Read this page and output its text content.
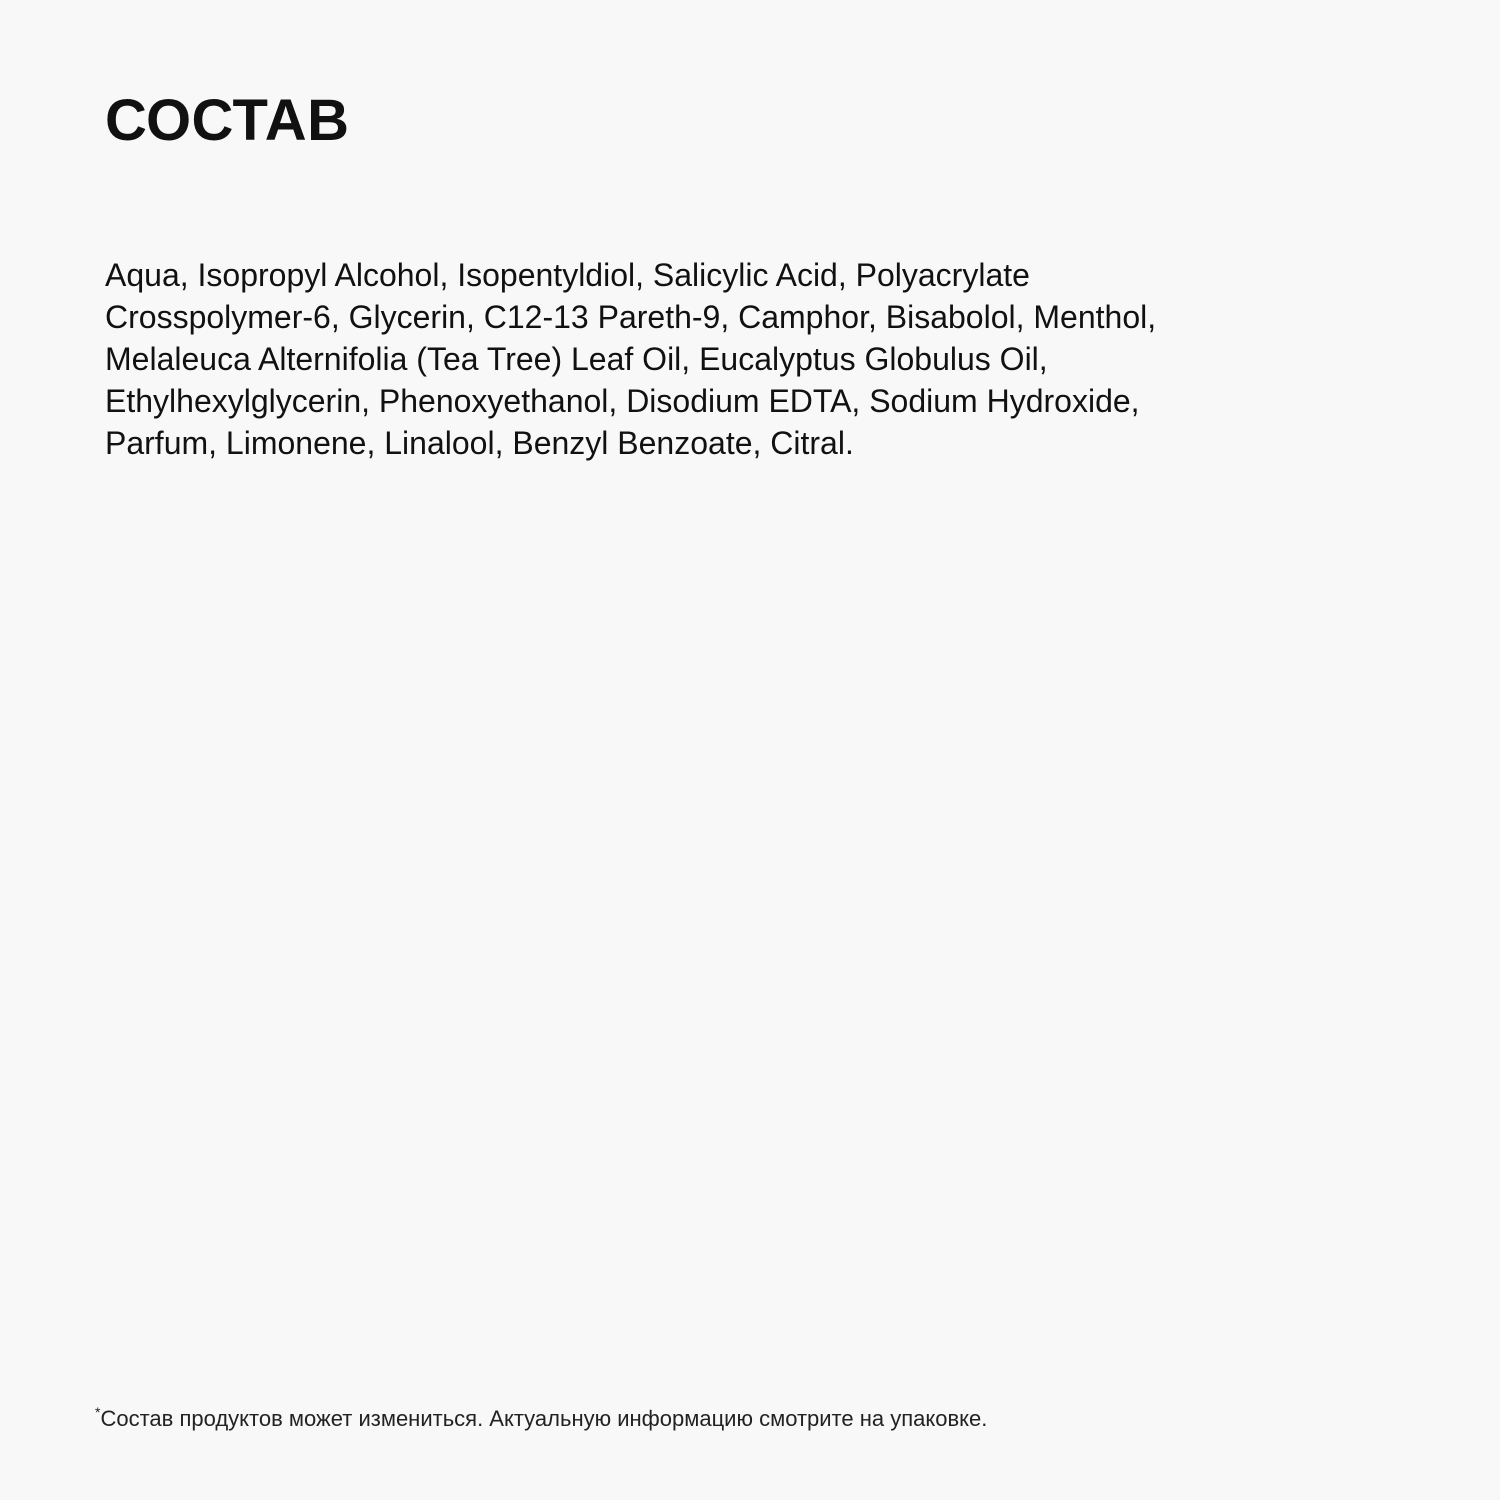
СОСТАВ

Aqua, Isopropyl Alcohol, Isopentyldiol, Salicylic Acid, Polyacrylate
Crosspolymer-6, Glycerin, C12-13 Pareth-9, Camphor, Bisabolol, Menthol,
Melaleuca Alternifolia (Tea Tree) Leaf Oil, Eucalyptus Globulus Oil,
Ethylhexylglycerin, Phenoxyethanol, Disodium EDTA, Sodium Hydroxide,
Parfum, Limonene, Linalool, Benzyl Benzoate, Citral.

*Состав продуктов может измениться. Актуальную информацию смотрите на упаковке.
